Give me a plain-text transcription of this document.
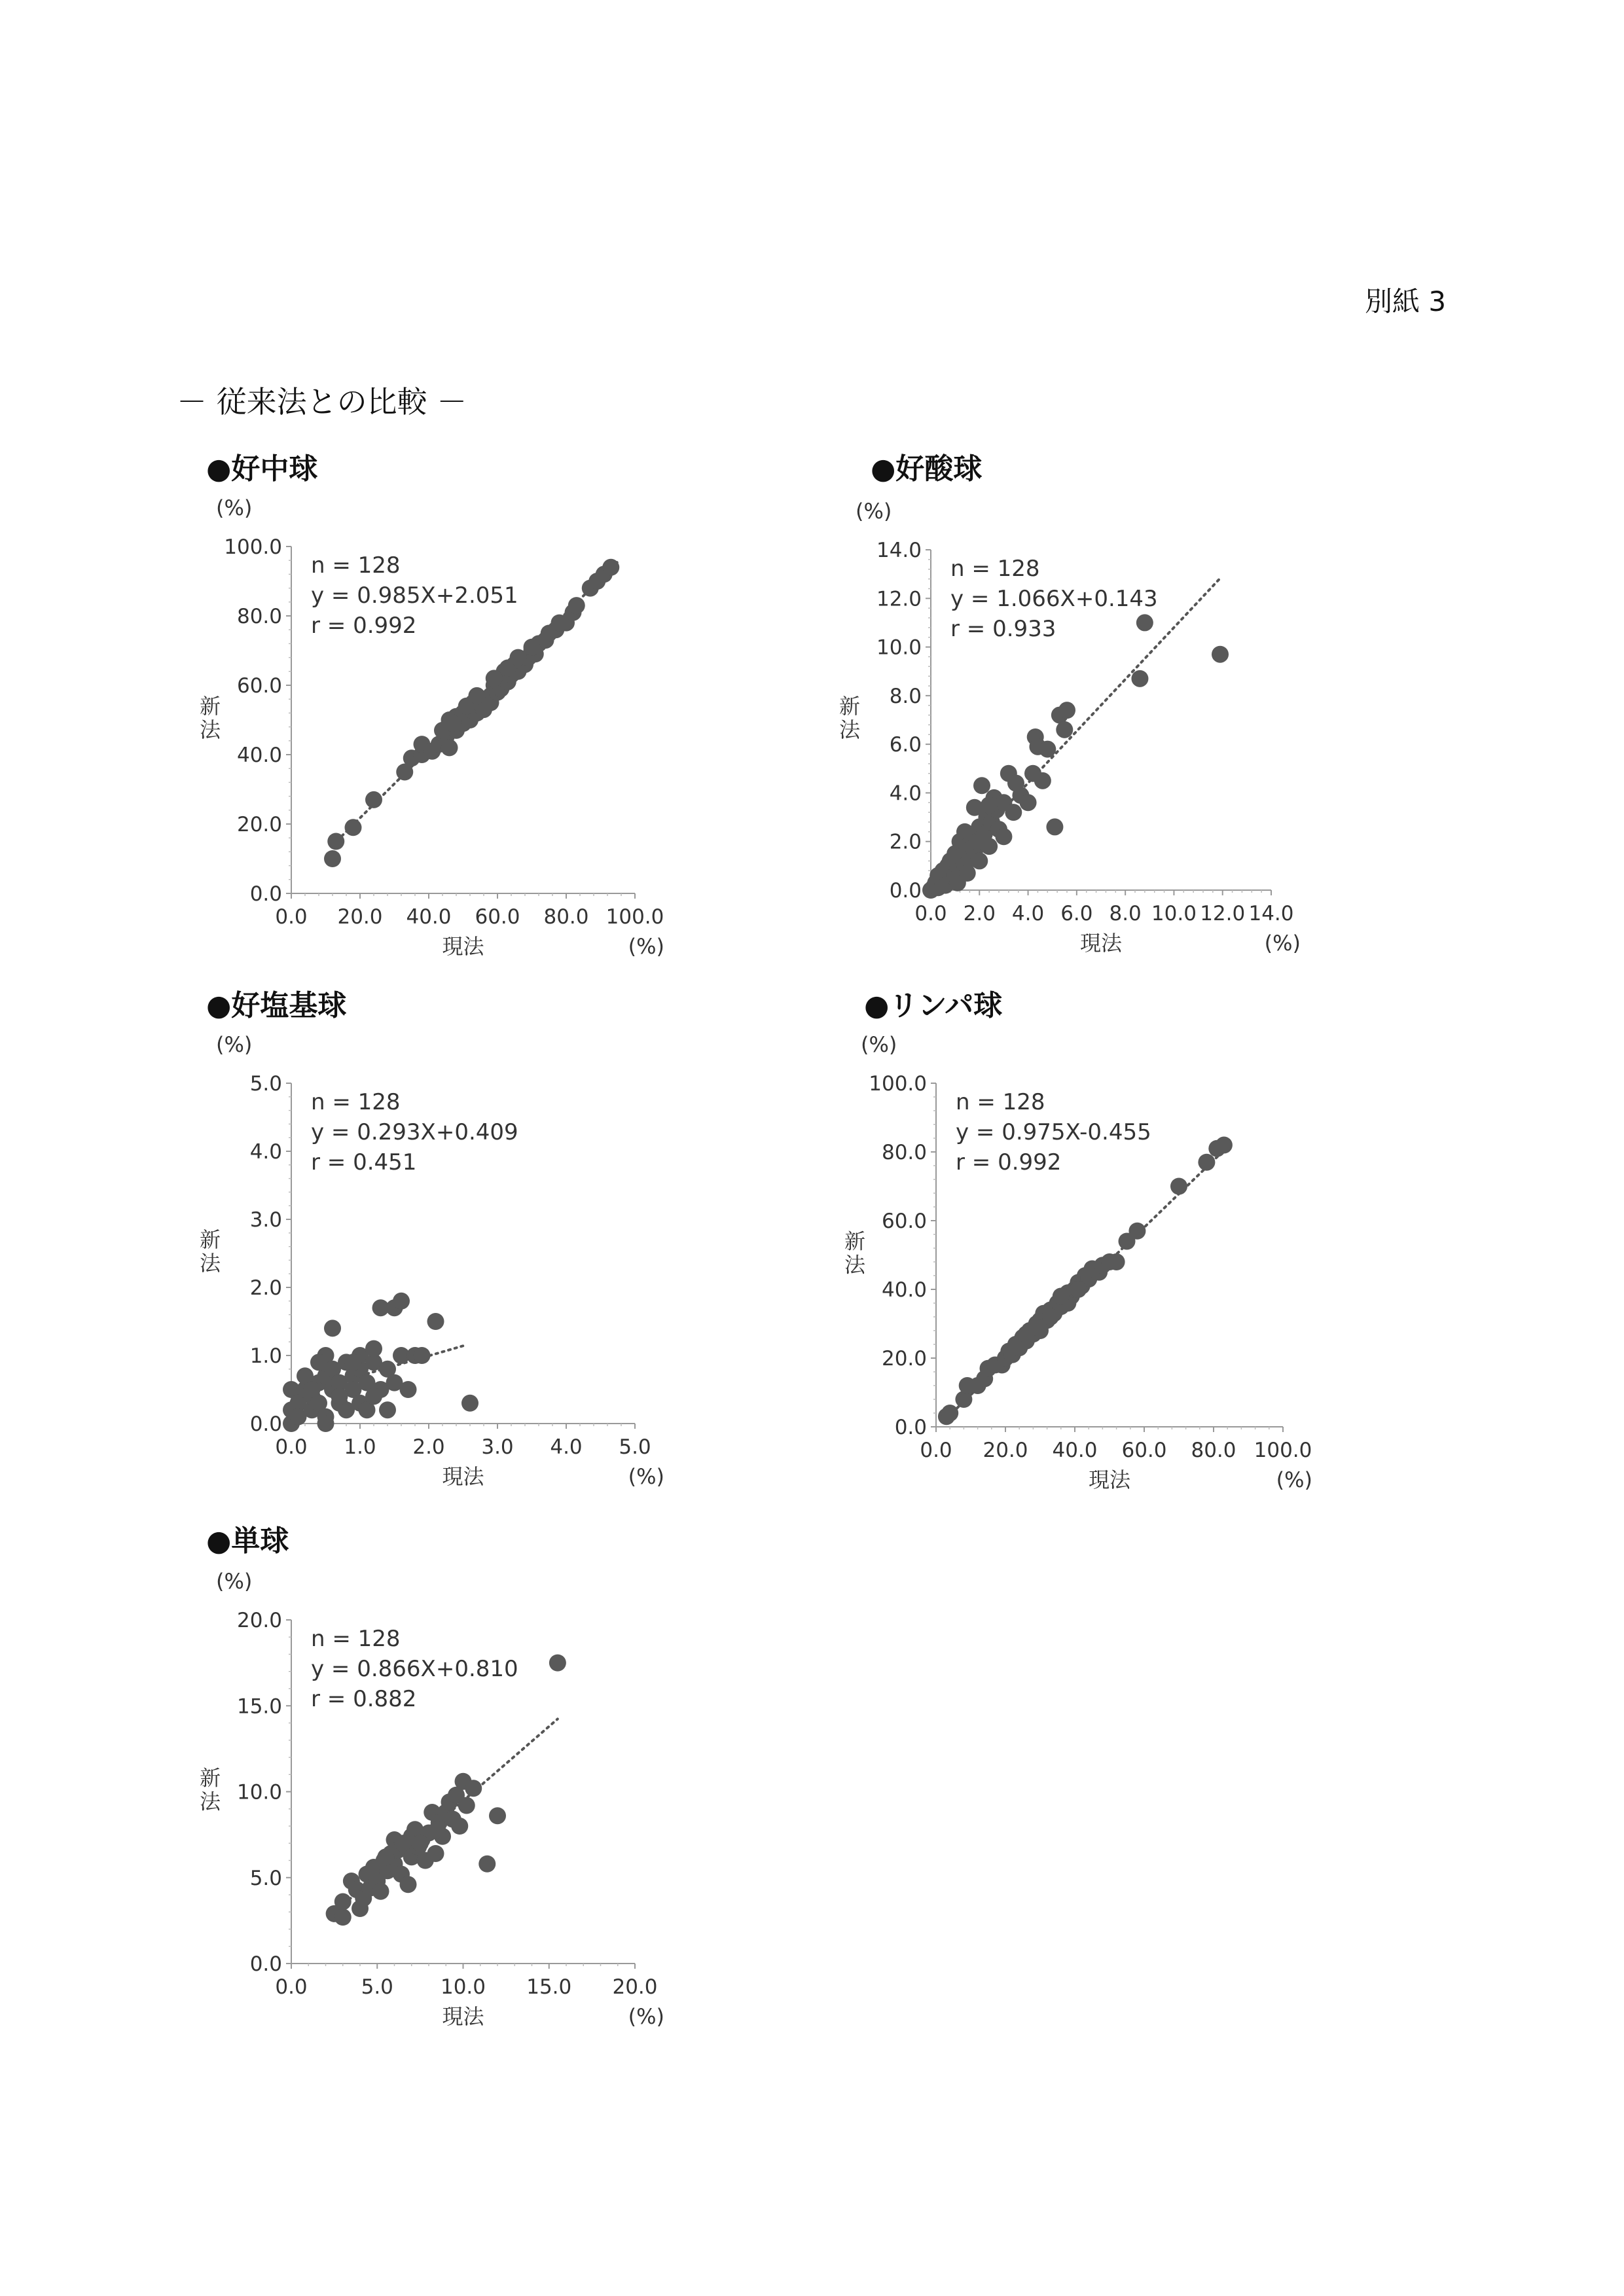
別紙 3
－ 従来法との比較 －
●好中球
(%)
新
法
0.0
20.0
40.0
60.0
80.0
100.0
0.0 20.0 40.0 60.0 80.0 100.0
現法	(%)
n = 128
y = 0.985X+2.051
r = 0.992
●好酸球
(%)
新
法
0.0
2.0
4.0
6.0
8.0
10.0
12.0
14.0
0.0 2.0 4.0 6.0 8.0 10.0 12.0 14.0
現法	(%)
n = 128
y = 1.066X+0.143
r = 0.933
●好塩基球
(%)
新
法
0.0
1.0
2.0
3.0
4.0
5.0
0.0 1.0 2.0 3.0 4.0 5.0
現法	(%)
n = 128
y = 0.293X+0.409
r = 0.451
●リンパ球
(%)
新
法
0.0
20.0
40.0
60.0
80.0
100.0
0.0 20.0 40.0 60.0 80.0 100.0
現法	(%)
n = 128
y = 0.975X-0.455
r = 0.992
●単球
(%)
新
法
0.0
5.0
10.0
15.0
20.0
0.0	5.0 10.0 15.0 20.0
現法	(%)
n = 128
y = 0.866X+0.810
r = 0.882
